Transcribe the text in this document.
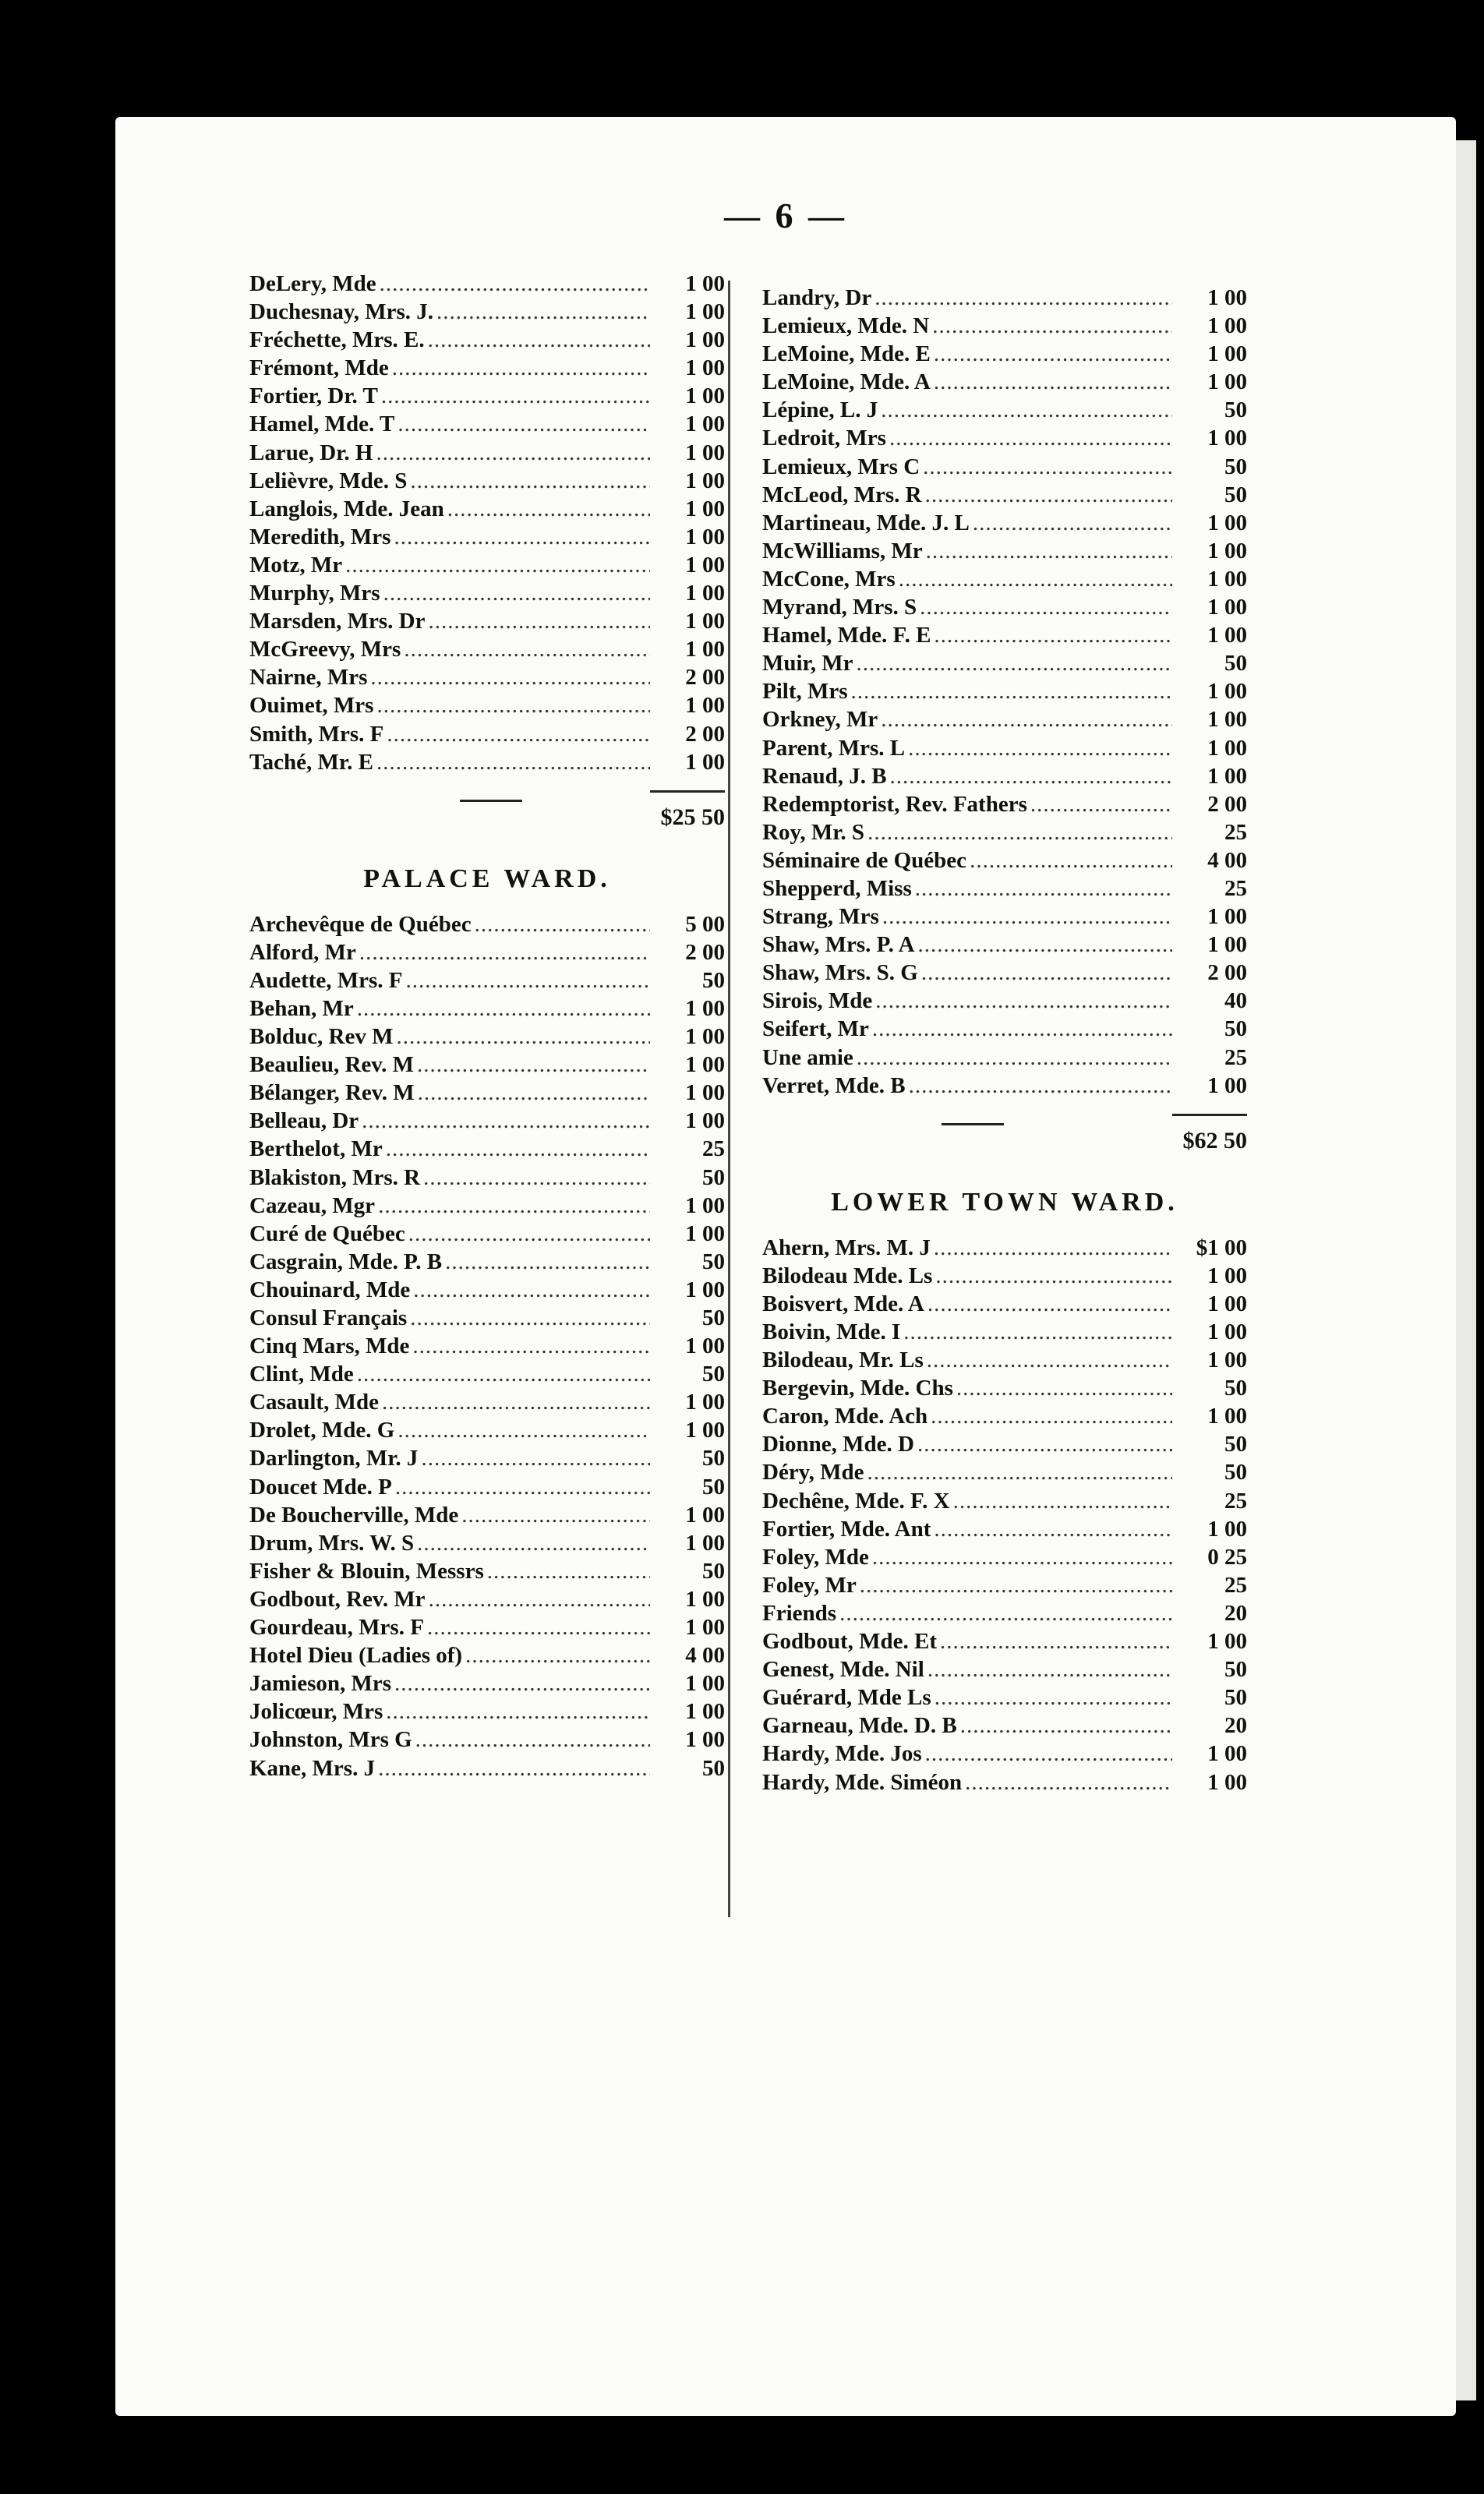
— 6 —
DeLery, Mde .....	1 00
Duchesnay, Mrs. J. .....	1 00
Fréchette, Mrs. E. .....	1 00
Frémont, Mde .....	1 00
Fortier, Dr. T .....	1 00
Hamel, Mde. T .....	1 00
Larue, Dr. H .....	1 00
Lelièvre, Mde. S .....	1 00
Langlois, Mde. Jean .....	1 00
Meredith, Mrs .....	1 00
Motz, Mr .....	1 00
Murphy, Mrs .....	1 00
Marsden, Mrs. Dr .....	1 00
McGreevy, Mrs .....	1 00
Nairne, Mrs .....	2 00
Ouimet, Mrs .....	1 00
Smith, Mrs. F .....	2 00
Taché, Mr. E .....	1 00
$25 50
PALACE WARD.
Archevêque de Québec .....	5 00
Alford, Mr .....	2 00
Audette, Mrs. F .....	50
Behan, Mr .....	1 00
Bolduc, Rev M .....	1 00
Beaulieu, Rev. M .....	1 00
Bélanger, Rev. M .....	1 00
Belleau, Dr .....	1 00
Berthelot, Mr .....	25
Blakiston, Mrs. R .....	50
Cazeau, Mgr .....	1 00
Curé de Québec .....	1 00
Casgrain, Mde. P. B .....	50
Chouinard, Mde .....	1 00
Consul Français .....	50
Cinq Mars, Mde .....	1 00
Clint, Mde .....	50
Casault, Mde .....	1 00
Drolet, Mde. G .....	1 00
Darlington, Mr. J .....	50
Doucet Mde. P .....	50
De Boucherville, Mde .....	1 00
Drum, Mrs. W. S .....	1 00
Fisher & Blouin, Messrs .....	50
Godbout, Rev. Mr .....	1 00
Gourdeau, Mrs. F .....	1 00
Hotel Dieu (Ladies of) .....	4 00
Jamieson, Mrs .....	1 00
Jolicœur, Mrs .....	1 00
Johnston, Mrs G .....	1 00
Kane, Mrs. J .....	50
Landry, Dr .....	1 00
Lemieux, Mde. N .....	1 00
LeMoine, Mde. E .....	1 00
LeMoine, Mde. A .....	1 00
Lépine, L. J .....	50
Ledroit, Mrs .....	1 00
Lemieux, Mrs C .....	50
McLeod, Mrs. R .....	50
Martineau, Mde. J. L .....	1 00
McWilliams, Mr .....	1 00
McCone, Mrs .....	1 00
Myrand, Mrs. S .....	1 00
Hamel, Mde. F. E .....	1 00
Muir, Mr .....	50
Pilt, Mrs .....	1 00
Orkney, Mr .....	1 00
Parent, Mrs. L .....	1 00
Renaud, J. B .....	1 00
Redemptorist, Rev. Fathers .....	2 00
Roy, Mr. S .....	25
Séminaire de Québec .....	4 00
Shepperd, Miss .....	25
Strang, Mrs .....	1 00
Shaw, Mrs. P. A .....	1 00
Shaw, Mrs. S. G .....	2 00
Sirois, Mde .....	40
Seifert, Mr .....	50
Une amie .....	25
Verret, Mde. B .....	1 00
$62 50
LOWER TOWN WARD.
Ahern, Mrs. M. J .....	$1 00
Bilodeau Mde. Ls .....	1 00
Boisvert, Mde. A .....	1 00
Boivin, Mde. I .....	1 00
Bilodeau, Mr. Ls .....	1 00
Bergevin, Mde. Chs .....	50
Caron, Mde. Ach .....	1 00
Dionne, Mde. D .....	50
Déry, Mde .....	50
Dechêne, Mde. F. X .....	25
Fortier, Mde. Ant .....	1 00
Foley, Mde .....	0 25
Foley, Mr .....	25
Friends .....	20
Godbout, Mde. Et .....	1 00
Genest, Mde. Nil .....	50
Guérard, Mde Ls .....	50
Garneau, Mde. D. B .....	20
Hardy, Mde. Jos .....	1 00
Hardy, Mde. Siméon .....	1 00
